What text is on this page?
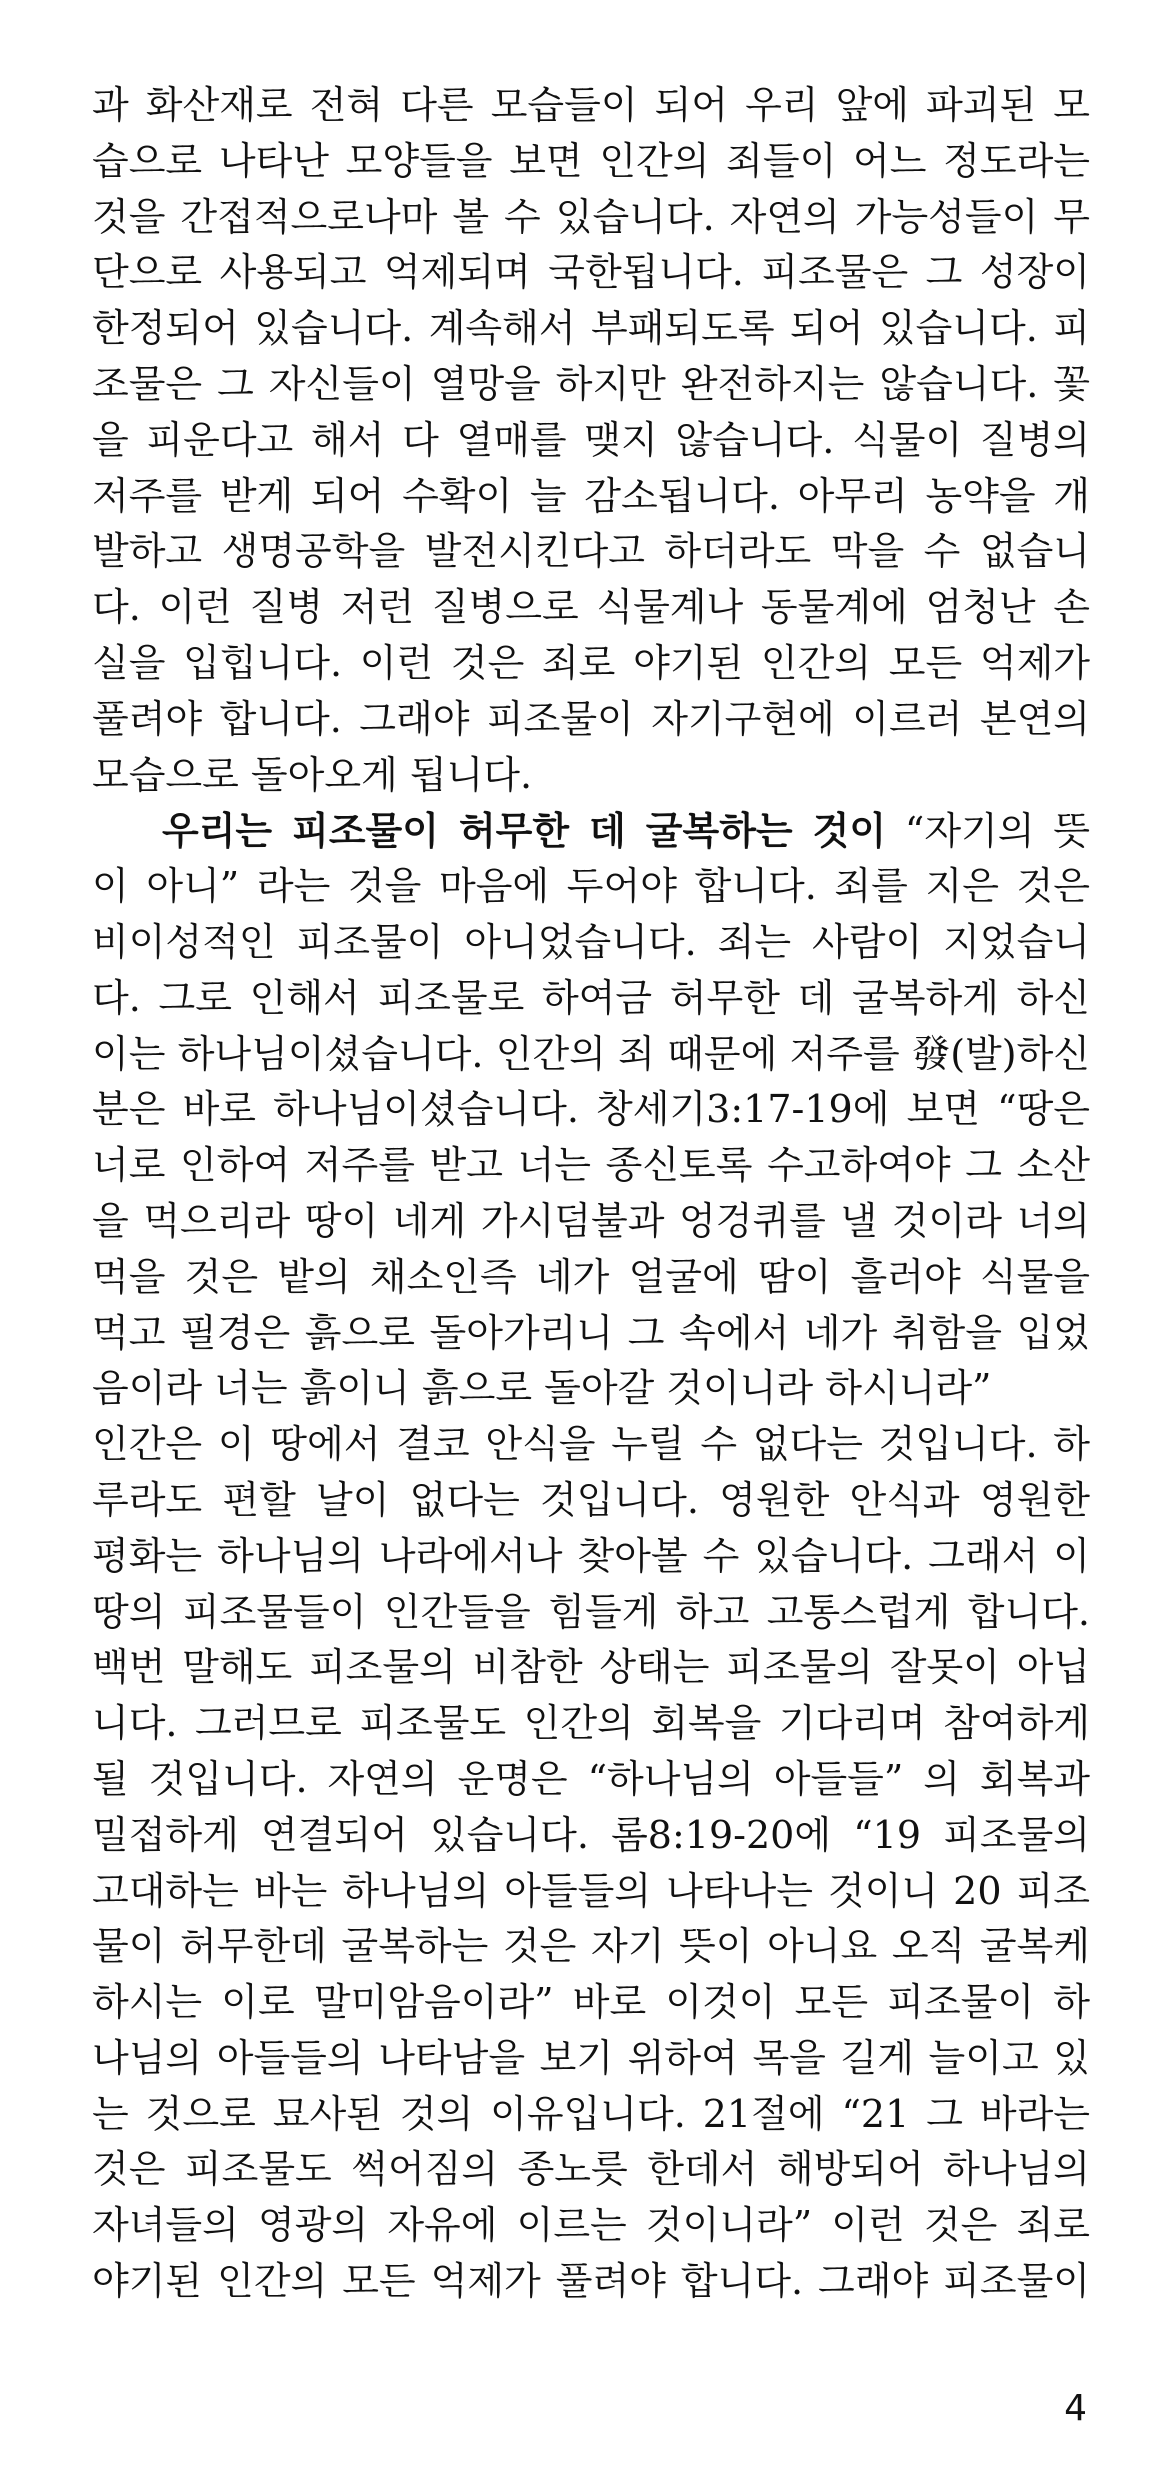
과 화산재로 전혀 다른 모습들이 되어 우리 앞에 파괴된 모
습으로 나타난 모양들을 보면 인간의 죄들이 어느 정도라는
것을 간접적으로나마 볼 수 있습니다. 자연의 가능성들이 무
단으로 사용되고 억제되며 국한됩니다. 피조물은 그 성장이
한정되어 있습니다. 계속해서 부패되도록 되어 있습니다. 피
조물은 그 자신들이 열망을 하지만 완전하지는 않습니다. 꽃
을 피운다고 해서 다 열매를 맺지 않습니다. 식물이 질병의
저주를 받게 되어 수확이 늘 감소됩니다. 아무리 농약을 개
발하고 생명공학을 발전시킨다고 하더라도 막을 수 없습니
다. 이런 질병 저런 질병으로 식물계나 동물계에 엄청난 손
실을 입힙니다. 이런 것은 죄로 야기된 인간의 모든 억제가
풀려야 합니다. 그래야 피조물이 자기구현에 이르러 본연의
모습으로 돌아오게 됩니다.
우리는 피조물이 허무한 데 굴복하는 것이 “자기의 뜻
이 아니” 라는 것을 마음에 두어야 합니다. 죄를 지은 것은
비이성적인 피조물이 아니었습니다. 죄는 사람이 지었습니
다. 그로 인해서 피조물로 하여금 허무한 데 굴복하게 하신
이는 하나님이셨습니다. 인간의 죄 때문에 저주를 發(발)하신
분은 바로 하나님이셨습니다. 창세기3:17-19에 보면 “땅은
너로 인하여 저주를 받고 너는 종신토록 수고하여야 그 소산
을 먹으리라 땅이 네게 가시덤불과 엉겅퀴를 낼 것이라 너의
먹을 것은 밭의 채소인즉 네가 얼굴에 땀이 흘러야 식물을
먹고 필경은 흙으로 돌아가리니 그 속에서 네가 취함을 입었
음이라 너는 흙이니 흙으로 돌아갈 것이니라 하시니라”
인간은 이 땅에서 결코 안식을 누릴 수 없다는 것입니다. 하
루라도 편할 날이 없다는 것입니다. 영원한 안식과 영원한
평화는 하나님의 나라에서나 찾아볼 수 있습니다. 그래서 이
땅의 피조물들이 인간들을 힘들게 하고 고통스럽게 합니다.
백번 말해도 피조물의 비참한 상태는 피조물의 잘못이 아닙
니다. 그러므로 피조물도 인간의 회복을 기다리며 참여하게
될 것입니다. 자연의 운명은 “하나님의 아들들” 의 회복과
밀접하게 연결되어 있습니다. 롬8:19-20에 “19 피조물의
고대하는 바는 하나님의 아들들의 나타나는 것이니 20 피조
물이 허무한데 굴복하는 것은 자기 뜻이 아니요 오직 굴복케
하시는 이로 말미암음이라” 바로 이것이 모든 피조물이 하
나님의 아들들의 나타남을 보기 위하여 목을 길게 늘이고 있
는 것으로 묘사된 것의 이유입니다. 21절에 “21 그 바라는
것은 피조물도 썩어짐의 종노릇 한데서 해방되어 하나님의
자녀들의 영광의 자유에 이르는 것이니라” 이런 것은 죄로
야기된 인간의 모든 억제가 풀려야 합니다. 그래야 피조물이
4
